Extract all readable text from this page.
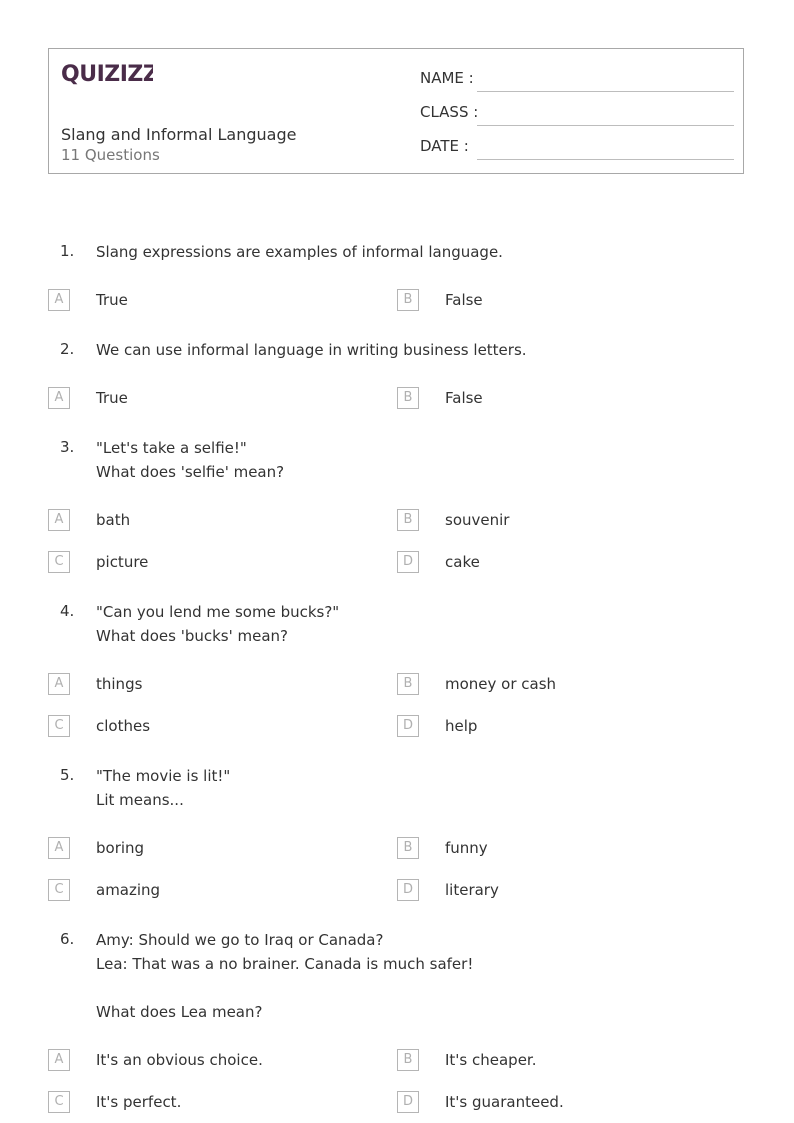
QUIZIZZ
Slang and Informal Language
11 Questions
NAME :
CLASS :
DATE :
1. Slang expressions are examples of informal language.
A	True	B	False
2. We can use informal language in writing business letters.
A	True	B	False
3. "Let's take a selfie!"
What does 'selfie' mean?
A	bath	B	souvenir
C	picture	D	cake
4. "Can you lend me some bucks?"
What does 'bucks' mean?
A	things	B	money or cash
C	clothes	D	help
5. "The movie is lit!"
Lit means...
A	boring	B	funny
C	amazing	D	literary
6. Amy: Should we go to Iraq or Canada?
Lea: That was a no brainer. Canada is much safer!

What does Lea mean?
A	It's an obvious choice.	B	It's cheaper.
C	It's perfect.	D	It's guaranteed.
